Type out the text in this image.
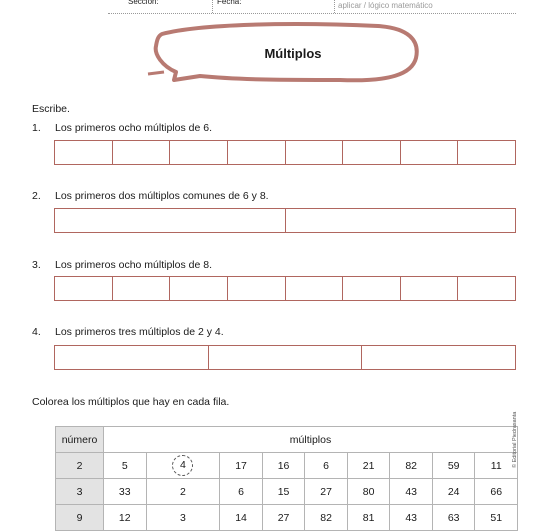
Sección:	Fecha:	aplicar / lógico matemático
Múltiplos
Escribe.
1. Los primeros ocho múltiplos de 6.
2. Los primeros dos múltiplos comunes de 6 y 8.
3. Los primeros ocho múltiplos de 8.
4. Los primeros tres múltiplos de 2 y 4.
Colorea los múltiplos que hay en cada fila.
número	múltiplos								
2	5	4	17	16	6	21	82	59	11
3	33	2	6	15	27	80	43	24	66
9	12	3	14	27	82	81	43	63	51
© Editorial Piedrasanta
